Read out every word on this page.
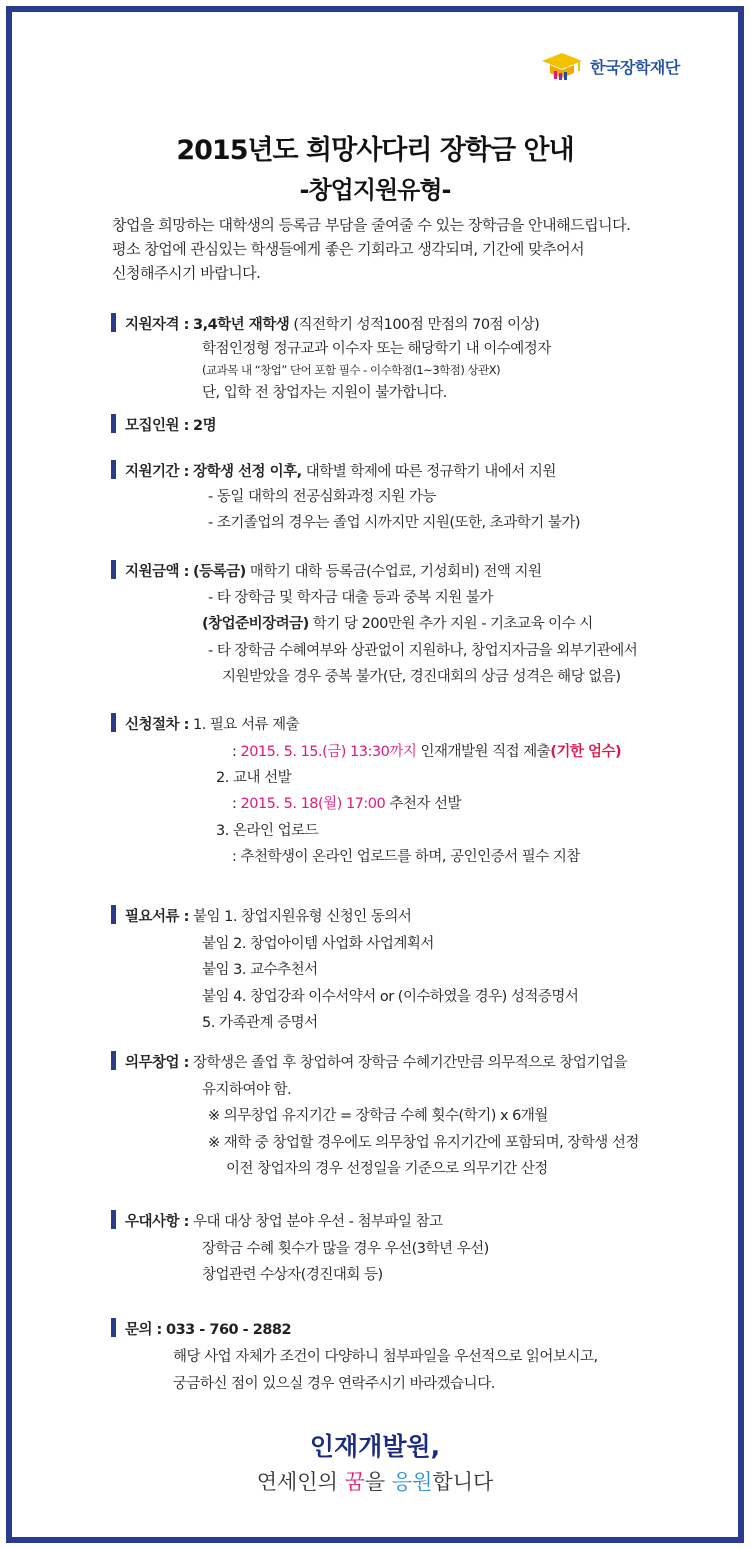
한국장학재단
2015년도 희망사다리 장학금 안내
-창업지원유형-
창업을 희망하는 대학생의 등록금 부담을 줄여줄 수 있는 장학금을 안내해드립니다.
평소 창업에 관심있는 학생들에게 좋은 기회라고 생각되며, 기간에 맞추어서
신청해주시기 바랍니다.
지원자격 : 3,4학년 재학생 (직전학기 성적100점 만점의 70점 이상)
학점인정형 정규교과 이수자 또는 해당학기 내 이수예정자
(교과목 내 “창업” 단어 포함 필수 - 이수학점(1~3학점) 상관X)
단, 입학 전 창업자는 지원이 불가합니다.
모집인원 : 2명
지원기간 : 장학생 선정 이후, 대학별 학제에 따른 정규학기 내에서 지원
- 동일 대학의 전공심화과정 지원 가능
- 조기졸업의 경우는 졸업 시까지만 지원(또한, 초과학기 불가)
지원금액 : (등록금) 매학기 대학 등록금(수업료, 기성회비) 전액 지원
- 타 장학금 및 학자금 대출 등과 중복 지원 불가
(창업준비장려금) 학기 당 200만원 추가 지원 - 기초교육 이수 시
- 타 장학금 수혜여부와 상관없이 지원하나, 창업지자금을 외부기관에서
지원받았을 경우 중복 불가(단, 경진대회의 상금 성격은 해당 없음)
신청절차 : 1. 필요 서류 제출
: 2015. 5. 15.(금) 13:30까지 인재개발원 직접 제출(기한 엄수)
2. 교내 선발
: 2015. 5. 18(월) 17:00 추천자 선발
3. 온라인 업로드
: 추천학생이 온라인 업로드를 하며, 공인인증서 필수 지참
필요서류 : 붙임 1. 창업지원유형 신청인 동의서
붙임 2. 창업아이템 사업화 사업계획서
붙임 3. 교수추천서
붙임 4. 창업강좌 이수서약서 or (이수하였을 경우) 성적증명서
5. 가족관계 증명서
의무창업 : 장학생은 졸업 후 창업하여 장학금 수혜기간만큼 의무적으로 창업기업을
유지하여야 함.
※ 의무창업 유지기간 = 장학금 수혜 횟수(학기) x 6개월
※ 재학 중 창업할 경우에도 의무창업 유지기간에 포함되며, 장학생 선정
이전 창업자의 경우 선정일을 기준으로 의무기간 산정
우대사항 : 우대 대상 창업 분야 우선 - 첨부파일 참고
장학금 수혜 횟수가 많을 경우 우선(3학년 우선)
창업관련 수상자(경진대회 등)
문의 : 033 - 760 - 2882
해당 사업 자체가 조건이 다양하니 첨부파일을 우선적으로 읽어보시고,
궁금하신 점이 있으실 경우 연락주시기 바라겠습니다.
인재개발원,
연세인의 꿈을 응원합니다
